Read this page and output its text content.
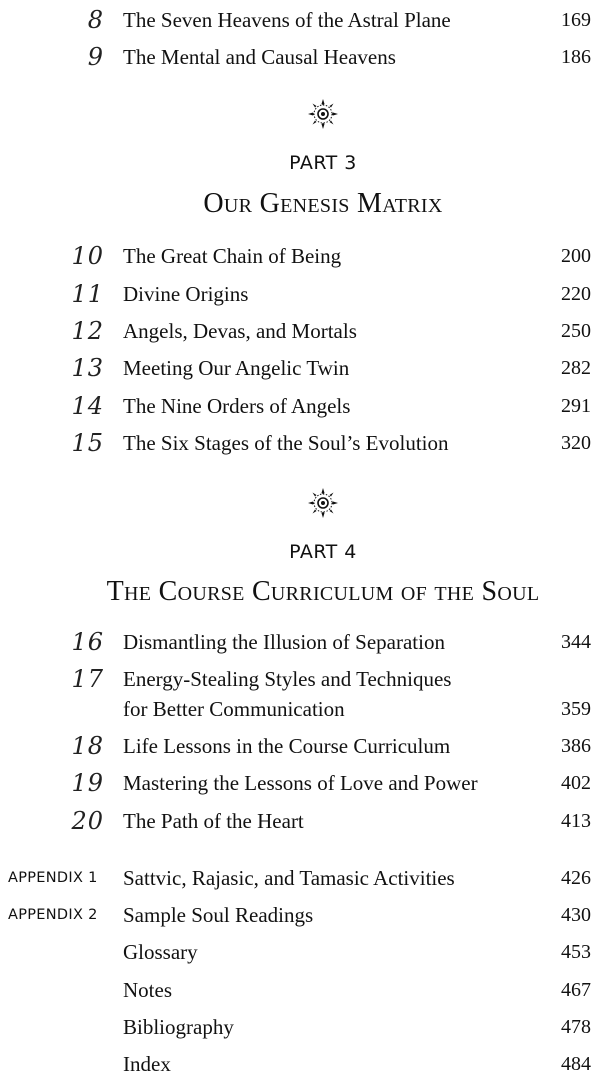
8 The Seven Heavens of the Astral Plane	169
9 The Mental and Causal Heavens	186
PART 3
Our Genesis Matrix
10 The Great Chain of Being	200
11 Divine Origins	220
12 Angels, Devas, and Mortals	250
13 Meeting Our Angelic Twin	282
14 The Nine Orders of Angels	291
15 The Six Stages of the Soul’s Evolution	320
PART 4
The Course Curriculum of the Soul
16 Dismantling the Illusion of Separation	344
17 Energy-Stealing Styles and Techniques
for Better Communication	359
18 Life Lessons in the Course Curriculum	386
19 Mastering the Lessons of Love and Power	402
20 The Path of the Heart	413
APPENDIX 1 Sattvic, Rajasic, and Tamasic Activities	426
APPENDIX 2 Sample Soul Readings	430
Glossary	453
Notes	467
Bibliography	478
Index	484
